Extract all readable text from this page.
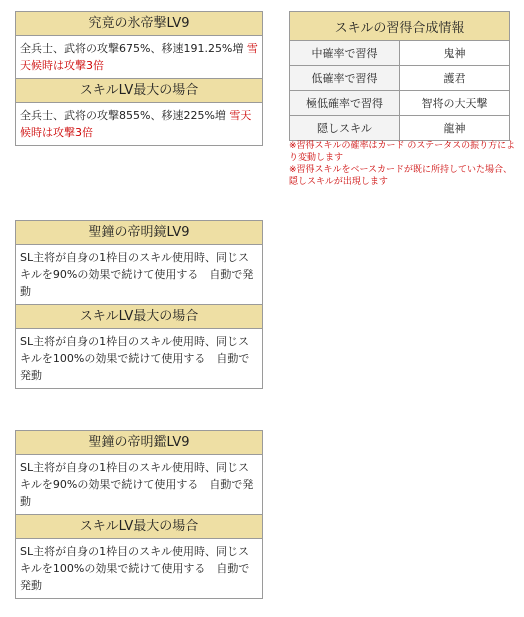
究竟の氷帝撃LV9
全兵士、武将の攻撃675%、移速191.25%増 雪天候時は攻撃3倍
スキルLV最大の場合
全兵士、武将の攻撃855%、移速225%増 雪天候時は攻撃3倍
聖鐘の帝明鏡LV9
SL主将が自身の1枠目のスキル使用時、同じスキルを90%の効果で続けて使用する　自動で発動
スキルLV最大の場合
SL主将が自身の1枠目のスキル使用時、同じスキルを100%の効果で続けて使用する　自動で発動
聖鐘の帝明鑑LV9
SL主将が自身の1枠目のスキル使用時、同じスキルを90%の効果で続けて使用する　自動で発動
スキルLV最大の場合
SL主将が自身の1枠目のスキル使用時、同じスキルを100%の効果で続けて使用する　自動で発動
スキルの習得合成情報	
中確率で習得	鬼神
低確率で習得	護君
極低確率で習得	智将の大天撃
隠しスキル	龍神

※習得スキルの確率はカード のステータスの振り方により変動します

※習得スキルをベースカードが既に所持していた場合、隠しスキルが出現します
